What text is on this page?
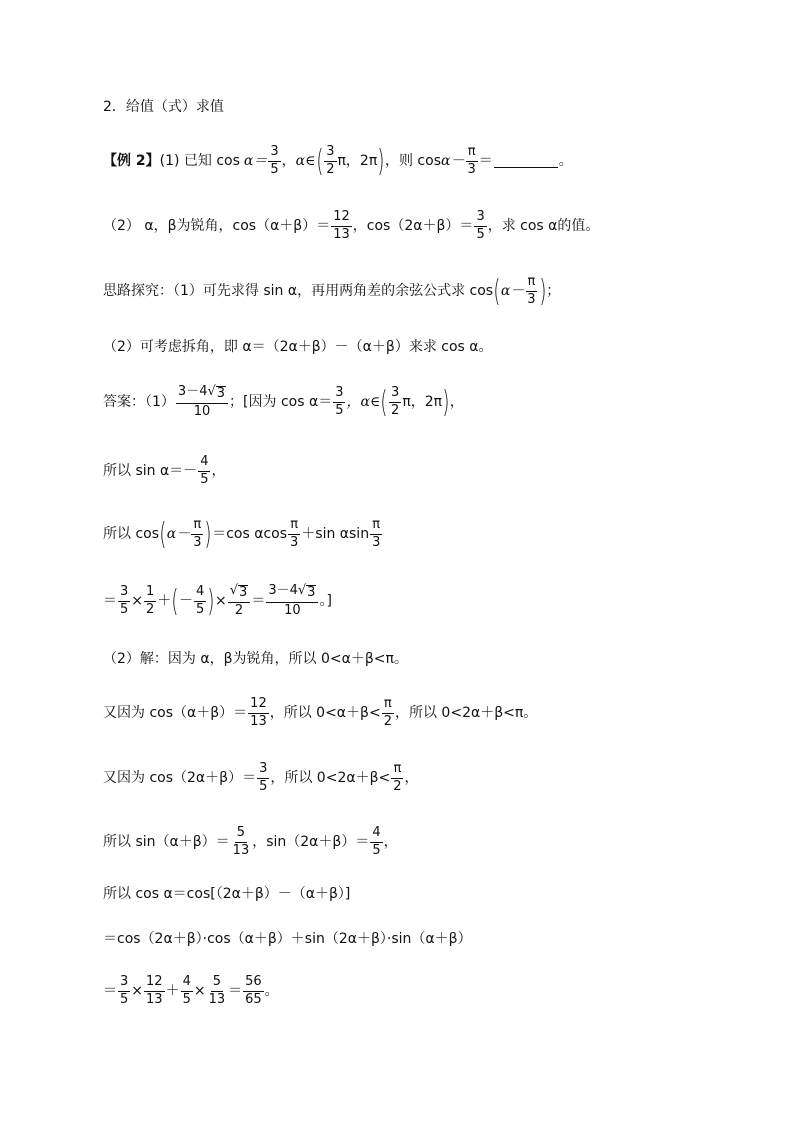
2．给值（式）求值
【例 2】 (1) 已知 $\cos \alpha= \frac{3}{5}$ ， α∈ ( $\frac{3}{2}$ π，2π ) ，则 $\cos \alpha- \frac{\pi}{3}$ ＝	。
（2） α，β为锐角，$\cos(\alpha+\beta)= \frac{12}{13}$ ，$\cos(2\alpha+\beta)= \frac{3}{5}$ ，求 cos α的值。
思路探究：（1）可先求得 sin α，再用两角差的余弦公式求 cos ( $\alpha- \frac{\pi}{3}$ ) ；
（2）可考虑拆角，即 α＝（2α＋β）－（α＋β）来求 cos α。
答案：$(1) \frac{3-4√ 3}{10}$ ；[因为 $\cos \alpha= \frac{3}{5}$ ，α∈ ( $\frac{3}{2}$ π，2π ) ，
所以 $\sin \alpha=- \frac{4}{5}$ ，
所以 cos ( $\alpha- \frac{\pi}{3}$ ) ＝cos αcos $\frac{\pi}{3} +\sin$ αsin $\frac{\pi}{3}$
＝ $\frac{3}{5} \times \frac{1}{2}$ ＋ ( － $\frac{4}{5}$ ) × $\frac{√ 3}{2} = \frac{3-4√ 3}{10}$ 。]
（2）解：因为 α，β为锐角，所以 0<α＋β<π。
又因为 $\cos(\alpha+\beta)= \frac{12}{13}$ ，所以 $0<\alpha+\beta< \frac{\pi}{2}$ ，所以 0<2α＋β<π。
又因为 $\cos(2\alpha+\beta)= \frac{3}{5}$ ，所以 $0<2\alpha+\beta< \frac{\pi}{2}$ ，
所以 $\sin(\alpha+\beta)= \frac{5}{13}$ ，$\sin(2\alpha+\beta)= \frac{4}{5}$ ，
所以 cos α＝cos[（2α＋β）－（α＋β）]
＝cos（2α＋β）·cos（α＋β）＋sin（2α＋β）·sin（α＋β）
＝ $\frac{3}{5} \times \frac{12}{13} + \frac{4}{5} \times \frac{5}{13} = \frac{56}{65}$ 。
